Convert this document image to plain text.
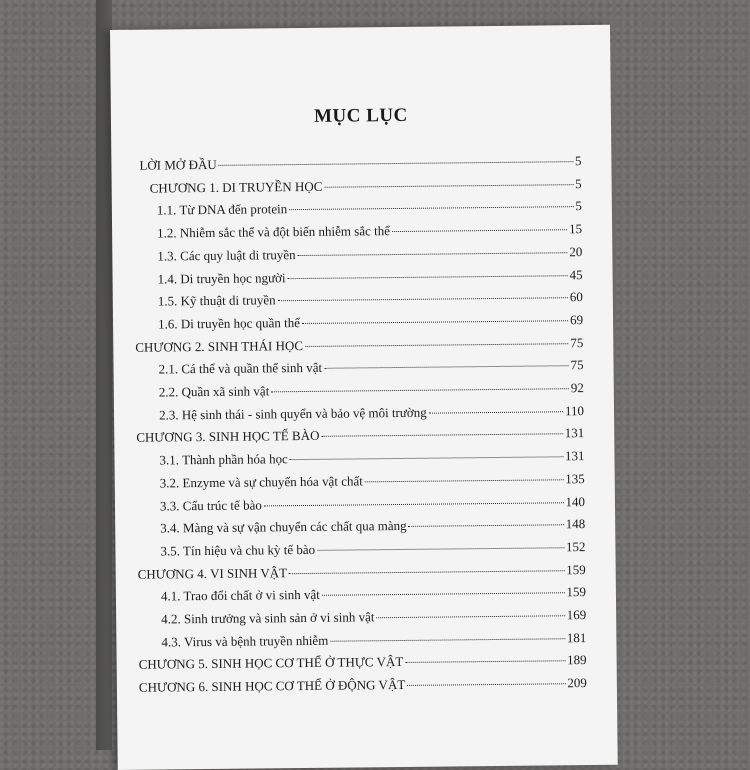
MỤC LỤC
LỜI MỞ ĐẦU	5
CHƯƠNG 1. DI TRUYỀN HỌC	5
1.1. Từ DNA đến protein	5
1.2. Nhiễm sắc thể và đột biến nhiễm sắc thể	15
1.3. Các quy luật di truyền	20
1.4. Di truyền học người	45
1.5. Kỹ thuật di truyền	60
1.6. Di truyền học quần thể	69
CHƯƠNG 2. SINH THÁI HỌC	75
2.1. Cá thể và quần thể sinh vật	75
2.2. Quần xã sinh vật	92
2.3. Hệ sinh thái - sinh quyển và bảo vệ môi trường	110
CHƯƠNG 3. SINH HỌC TẾ BÀO	131
3.1. Thành phần hóa học	131
3.2. Enzyme và sự chuyển hóa vật chất	135
3.3. Cấu trúc tế bào	140
3.4. Màng và sự vận chuyển các chất qua màng	148
3.5. Tín hiệu và chu kỳ tế bào	152
CHƯƠNG 4. VI SINH VẬT	159
4.1. Trao đổi chất ở vi sinh vật	159
4.2. Sinh trưởng và sinh sản ở vi sinh vật	169
4.3. Virus và bệnh truyền nhiễm	181
CHƯƠNG 5. SINH HỌC CƠ THỂ Ở THỰC VẬT	189
CHƯƠNG 6. SINH HỌC CƠ THỂ Ở ĐỘNG VẬT	209
